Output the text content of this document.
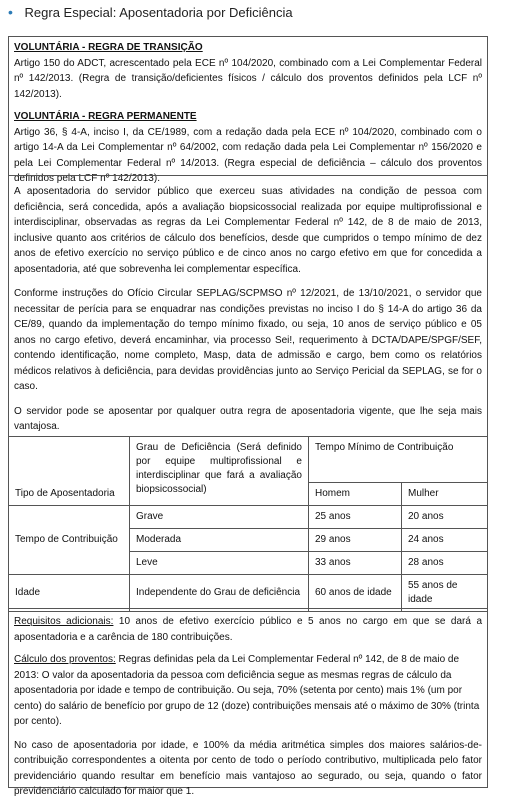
• Regra Especial: Aposentadoria por Deficiência

VOLUNTÁRIA - REGRA DE TRANSIÇÃO
Artigo 150 do ADCT, acrescentado pela ECE nº 104/2020, combinado com a Lei Complementar Federal nº 142/2013. (Regra de transição/deficientes físicos / cálculo dos proventos definidos pela LCF nº 142/2013).

VOLUNTÁRIA - REGRA PERMANENTE
Artigo 36, § 4-A, inciso I, da CE/1989, com a redação dada pela ECE nº 104/2020, combinado com o artigo 14-A da Lei Complementar nº 64/2002, com redação dada pela Lei Complementar nº 156/2020 e pela Lei Complementar Federal nº 14/2013. (Regra especial de deficiência – cálculo dos proventos definidos pela LCF nº 142/2013).

A aposentadoria do servidor público que exerceu suas atividades na condição de pessoa com deficiência, será concedida, após a avaliação biopsicossocial realizada por equipe multiprofissional e interdisciplinar, observadas as regras da Lei Complementar Federal nº 142, de 8 de maio de 2013, inclusive quanto aos critérios de cálculo dos benefícios, desde que cumpridos o tempo mínimo de dez anos de efetivo exercício no serviço público e de cinco anos no cargo efetivo em que for concedida a aposentadoria, até que sobrevenha lei complementar específica.

Conforme instruções do Ofício Circular SEPLAG/SCPMSO nº 12/2021, de 13/10/2021, o servidor que necessitar de perícia para se enquadrar nas condições previstas no inciso I do § 14-A do artigo 36 da CE/89, quando da implementação do tempo mínimo fixado, ou seja, 10 anos de serviço público e 05 anos no cargo efetivo, deverá encaminhar, via processo Sei!, requerimento à DCTA/DAPE/SPGF/SEF, contendo identificação, nome completo, Masp, data de admissão e cargo, bem como os relatórios médicos relativos à deficiência, para devidas providências junto ao Serviço Pericial da SEPLAG, se for o caso.

O servidor pode se aposentar por qualquer outra regra de aposentadoria vigente, que lhe seja mais vantajosa.

Tipo de Aposentadoria	Grau de Deficiência (Será definido por equipe multiprofissional e interdisciplinar que fará a avaliação biopsicossocial)	Tempo Mínimo de Contribuição	
		Homem	Mulher
Tempo de Contribuição	Grave	25 anos	20 anos
	Moderada	29 anos	24 anos
	Leve	33 anos	28 anos
Idade	Independente do Grau de deficiência	60 anos de idade	55 anos de idade

Requisitos adicionais: 10 anos de efetivo exercício público e 5 anos no cargo em que se dará a aposentadoria e a carência de 180 contribuições.

Cálculo dos proventos: Regras definidas pela da Lei Complementar Federal nº 142, de 8 de maio de 2013: O valor da aposentadoria da pessoa com deficiência segue as mesmas regras de cálculo da aposentadoria por idade e tempo de contribuição. Ou seja, 70% (setenta por cento) mais 1% (um por cento) do salário de benefício por grupo de 12 (doze) contribuições mensais até o máximo de 30% (trinta por cento).

No caso de aposentadoria por idade, e 100% da média aritmética simples dos maiores salários-de-contribuição correspondentes a oitenta por cento de todo o período contributivo, multiplicada pelo fator previdenciário quando resultar em benefício mais vantajoso ao segurado, ou seja, quando o fator previdenciário calculado for maior que 1.
